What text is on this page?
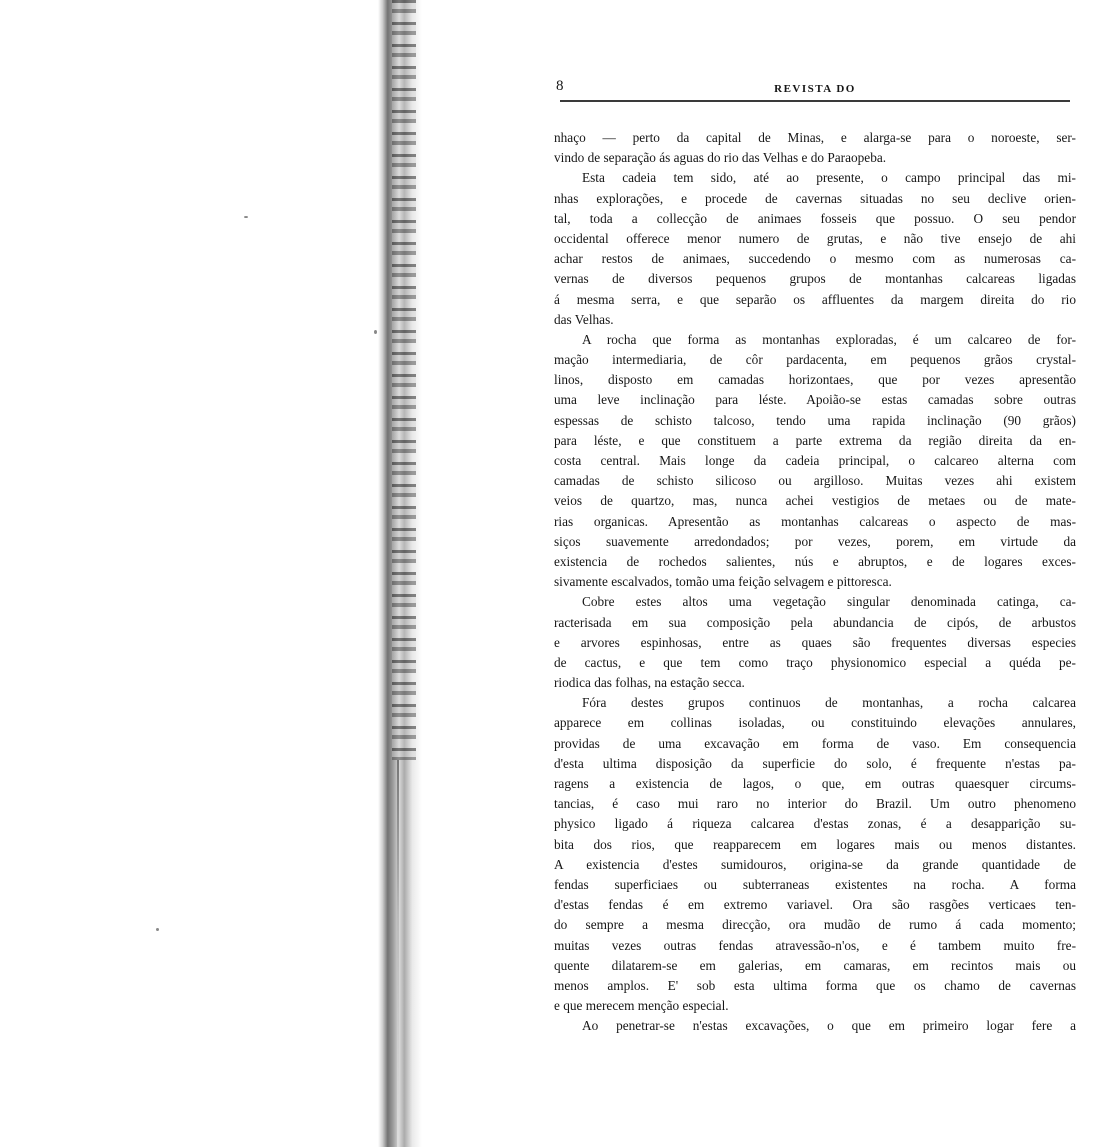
8	REVISTA DO
nhaço — perto da capital de Minas, e alarga-se para o noroeste, ser-
vindo de separação ás aguas do rio das Velhas e do Paraopeba.
Esta cadeia tem sido, até ao presente, o campo principal das mi-
nhas explorações, e procede de cavernas situadas no seu declive orien-
tal, toda a collecção de animaes fosseis que possuo. O seu pendor
occidental offerece menor numero de grutas, e não tive ensejo de ahi
achar restos de animaes, succedendo o mesmo com as numerosas ca-
vernas de diversos pequenos grupos de montanhas calcareas ligadas
á mesma serra, e que separão os affluentes da margem direita do rio
das Velhas.
A rocha que forma as montanhas exploradas, é um calcareo de for-
mação intermediaria, de côr pardacenta, em pequenos grãos crystal-
linos, disposto em camadas horizontaes, que por vezes apresentão
uma leve inclinação para léste. Apoião-se estas camadas sobre outras
espessas de schisto talcoso, tendo uma rapida inclinação (90 grãos)
para léste, e que constituem a parte extrema da região direita da en-
costa central. Mais longe da cadeia principal, o calcareo alterna com
camadas de schisto silicoso ou argilloso. Muitas vezes ahi existem
veios de quartzo, mas, nunca achei vestigios de metaes ou de mate-
rias organicas. Apresentão as montanhas calcareas o aspecto de mas-
siços suavemente arredondados; por vezes, porem, em virtude da
existencia de rochedos salientes, nús e abruptos, e de logares exces-
sivamente escalvados, tomão uma feição selvagem e pittoresca.
Cobre estes altos uma vegetação singular denominada catinga, ca-
racterisada em sua composição pela abundancia de cipós, de arbustos
e arvores espinhosas, entre as quaes são frequentes diversas especies
de cactus, e que tem como traço physionomico especial a quéda pe-
riodica das folhas, na estação secca.
Fóra destes grupos continuos de montanhas, a rocha calcarea
apparece em collinas isoladas, ou constituindo elevações annulares,
providas de uma excavação em forma de vaso. Em consequencia
d'esta ultima disposição da superficie do solo, é frequente n'estas pa-
ragens a existencia de lagos, o que, em outras quaesquer circums-
tancias, é caso mui raro no interior do Brazil. Um outro phenomeno
physico ligado á riqueza calcarea d'estas zonas, é a desapparição su-
bita dos rios, que reapparecem em logares mais ou menos distantes.
A existencia d'estes sumidouros, origina-se da grande quantidade de
fendas superficiaes ou subterraneas existentes na rocha. A forma
d'estas fendas é em extremo variavel. Ora são rasgões verticaes ten-
do sempre a mesma direcção, ora mudão de rumo á cada momento;
muitas vezes outras fendas atravessão-n'os, e é tambem muito fre-
quente dilatarem-se em galerias, em camaras, em recintos mais ou
menos amplos. E' sob esta ultima forma que os chamo de cavernas
e que merecem menção especial.
Ao penetrar-se n'estas excavações, o que em primeiro logar fere a
